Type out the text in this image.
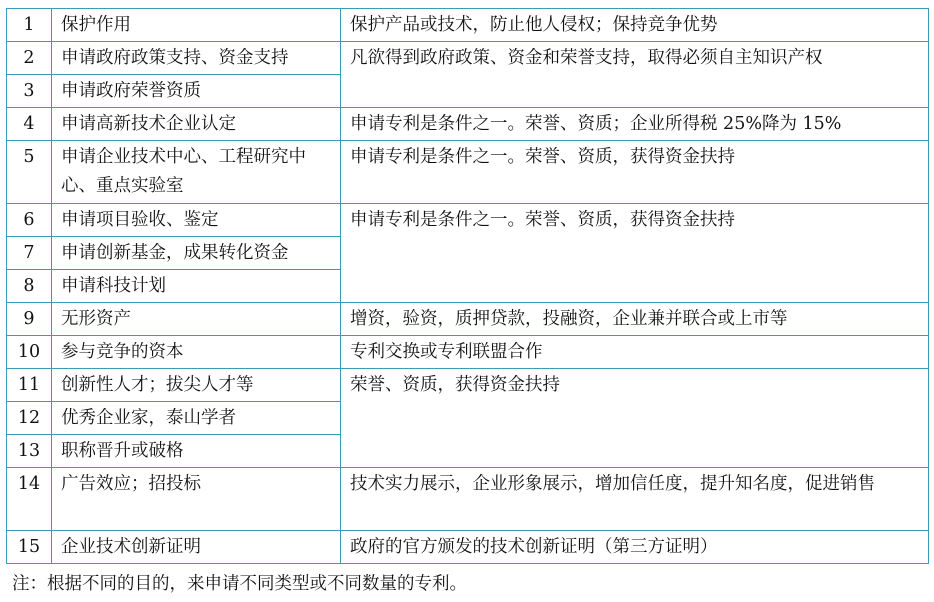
1	保护作用	保护产品或技术，防止他人侵权；保持竞争优势
2	申请政府政策支持、资金支持	凡欲得到政府政策、资金和荣誉支持，取得必须自主知识产权
3	申请政府荣誉资质	
4	申请高新技术企业认定	申请专利是条件之一。荣誉、资质；企业所得税 25%降为 15%
5	申请企业技术中心、工程研究中心、重点实验室	申请专利是条件之一。荣誉、资质，获得资金扶持
6	申请项目验收、鉴定	申请专利是条件之一。荣誉、资质，获得资金扶持
7	申请创新基金，成果转化资金	
8	申请科技计划	
9	无形资产	增资，验资，质押贷款，投融资，企业兼并联合或上市等
10	参与竞争的资本	专利交换或专利联盟合作
11	创新性人才；拔尖人才等	荣誉、资质，获得资金扶持
12	优秀企业家，泰山学者	
13	职称晋升或破格	
14	广告效应；招投标	技术实力展示，企业形象展示，增加信任度，提升知名度，促进销售
15	企业技术创新证明	政府的官方颁发的技术创新证明（第三方证明）
注：根据不同的目的，来申请不同类型或不同数量的专利。
